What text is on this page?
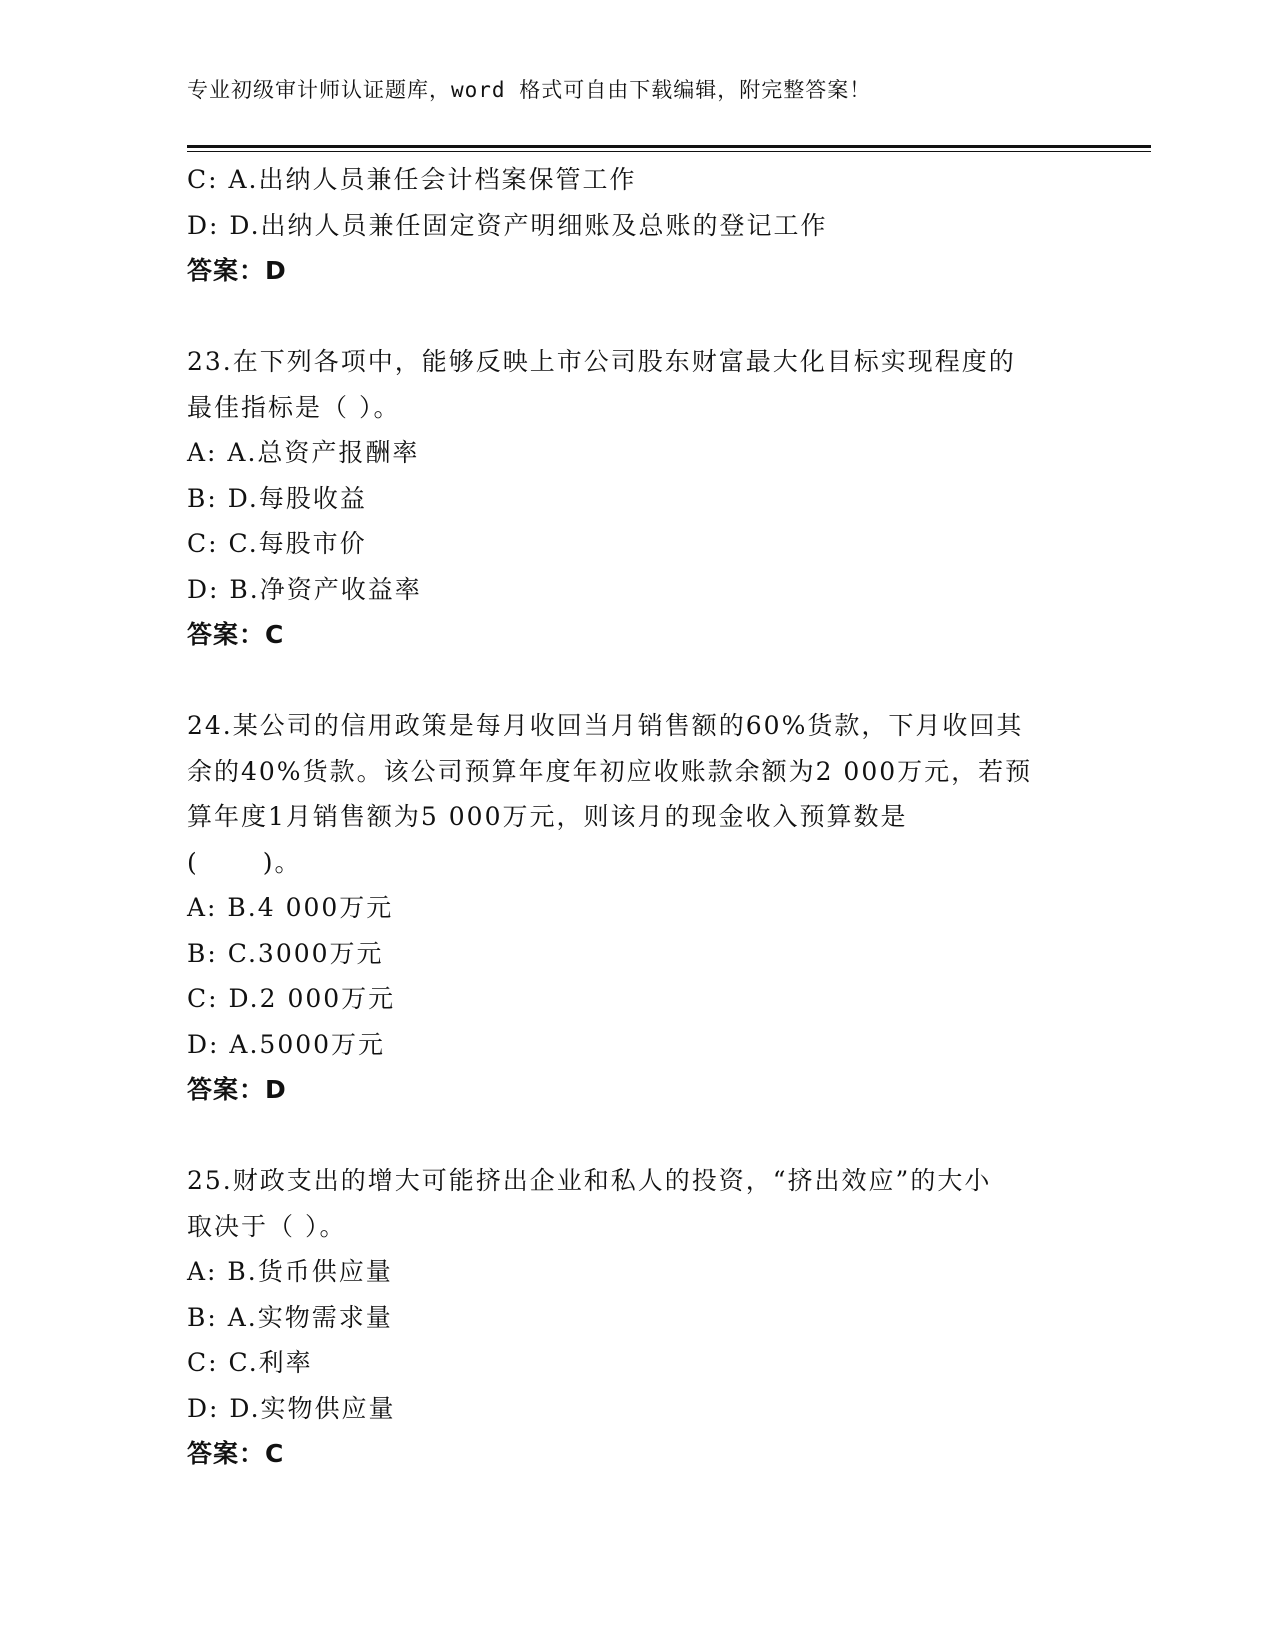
专业初级审计师认证题库，word 格式可自由下载编辑，附完整答案！
C: A.出纳人员兼任会计档案保管工作
D: D.出纳人员兼任固定资产明细账及总账的登记工作
答案：D
23.在下列各项中，能够反映上市公司股东财富最大化目标实现程度的
最佳指标是（ ）。
A: A.总资产报酬率
B: D.每股收益
C: C.每股市价
D: B.净资产收益率
答案：C
24.某公司的信用政策是每月收回当月销售额的60%货款，下月收回其
余的40%货款。该公司预算年度年初应收账款余额为2 000万元，若预
算年度1月销售额为5 000万元，则该月的现金收入预算数是
(　　 )。
A: B.4 000万元
B: C.3000万元
C: D.2 000万元
D: A.5000万元
答案：D
25.财政支出的增大可能挤出企业和私人的投资，“挤出效应”的大小
取决于（ ）。
A: B.货币供应量
B: A.实物需求量
C: C.利率
D: D.实物供应量
答案：C
